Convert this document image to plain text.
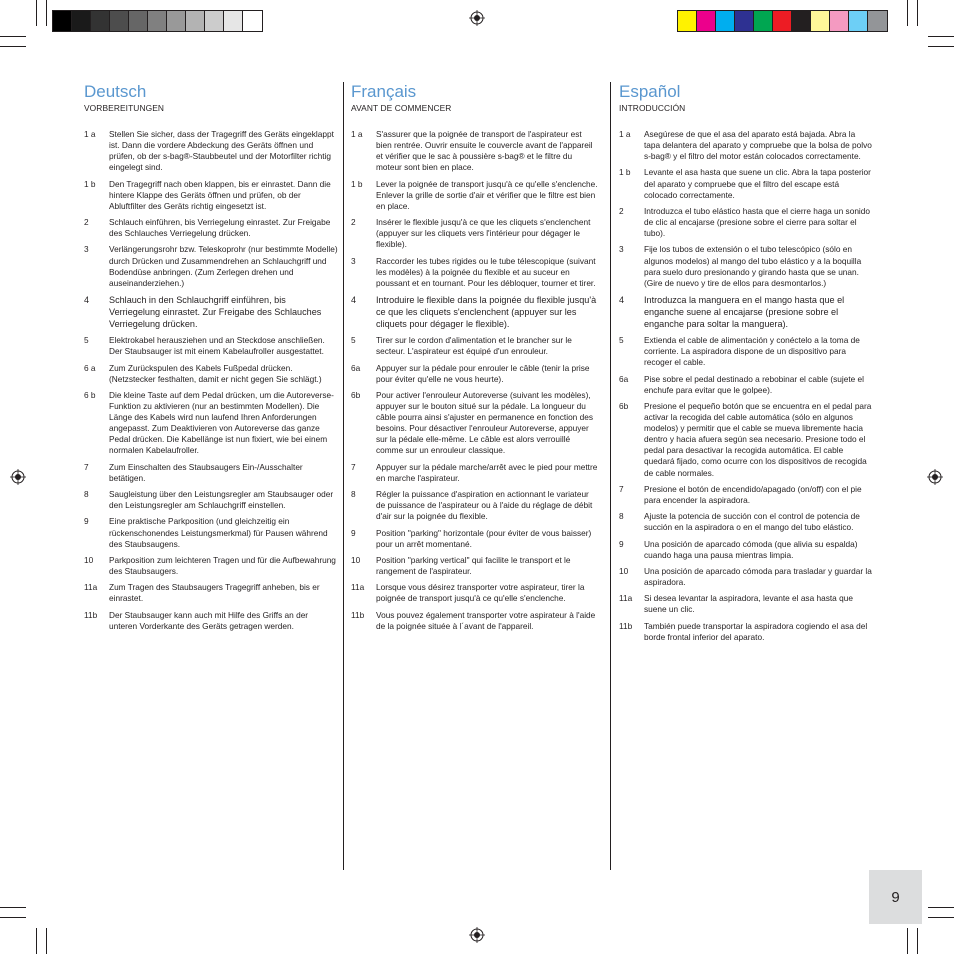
Deutsch
VORBEREITUNGEN
1 a	Stellen Sie sicher, dass der Tragegriff des Geräts eingeklappt ist. Dann die vordere Abdeckung des Geräts öffnen und prüfen, ob der s-bag®-Staubbeutel und der Motorfilter richtig eingelegt sind.
1 b	Den Tragegriff nach oben klappen, bis er einrastet. Dann die hintere Klappe des Geräts öffnen und prüfen, ob der Abluftfilter des Geräts richtig eingesetzt ist.
2	Schlauch einführen, bis Verriegelung einrastet. Zur Freigabe des Schlauches Verriegelung drücken.
3	Verlängerungsrohr bzw. Teleskoprohr (nur bestimmte Modelle) durch Drücken und Zusammendrehen an Schlauchgriff und Bodendüse anbringen. (Zum Zerlegen drehen und auseinanderziehen.)
4	Schlauch in den Schlauchgriff einführen, bis Verriegelung einrastet. Zur Freigabe des Schlauches Verriegelung drücken.
5	Elektrokabel herausziehen und an Steckdose anschließen. Der Staubsauger ist mit einem Kabelaufroller ausgestattet.
6 a	Zum Zurückspulen des Kabels Fußpedal drücken. (Netzstecker festhalten, damit er nicht gegen Sie schlägt.)
6 b	Die kleine Taste auf dem Pedal drücken, um die Autoreverse-Funktion zu aktivieren (nur an bestimmten Modellen). Die Länge des Kabels wird nun laufend Ihren Anforderungen angepasst. Zum Deaktivieren von Autoreverse das ganze Pedal drücken. Die Kabellänge ist nun fixiert, wie bei einem normalen Kabelaufroller.
7	Zum Einschalten des Staubsaugers Ein-/Ausschalter betätigen.
8	Saugleistung über den Leistungsregler am Staubsauger oder den Leistungsregler am Schlauchgriff einstellen.
9	Eine praktische Parkposition (und gleichzeitig ein rückenschonendes Leistungsmerkmal) für Pausen während des Staubsaugens.
10	Parkposition zum leichteren Tragen und für die Aufbewahrung des Staubsaugers.
11a	Zum Tragen des Staubsaugers Tragegriff anheben, bis er einrastet.
11b	Der Staubsauger kann auch mit Hilfe des Griffs an der unteren Vorderkante des Geräts getragen werden.
Français
AVANT DE COMMENCER
1 a	S'assurer que la poignée de transport de l'aspirateur est bien rentrée. Ouvrir ensuite le couvercle avant de l'appareil et vérifier que le sac à poussière s-bag® et le filtre du moteur sont bien en place.
1 b	Lever la poignée de transport jusqu'à ce qu'elle s'enclenche. Enlever la grille de sortie d'air et vérifier que le filtre est bien en place.
2	Insérer le flexible jusqu'à ce que les cliquets s'enclenchent (appuyer sur les cliquets vers l'intérieur pour dégager le flexible).
3	Raccorder les tubes rigides ou le tube télescopique (suivant les modèles) à la poignée du flexible et au suceur en poussant et en tournant. Pour les débloquer, tourner et tirer.
4	Introduire le flexible dans la poignée du flexible jusqu'à ce que les cliquets s'enclenchent (appuyer sur les cliquets pour dégager le flexible).
5	Tirer sur le cordon d'alimentation et le brancher sur le secteur. L'aspirateur est équipé d'un enrouleur.
6a	Appuyer sur la pédale pour enrouler le câble (tenir la prise pour éviter qu'elle ne vous heurte).
6b	Pour activer l'enrouleur Autoreverse (suivant les modèles), appuyer sur le bouton situé sur la pédale. La longueur du câble pourra ainsi s'ajuster en permanence en fonction des besoins. Pour désactiver l'enrouleur Autoreverse, appuyer sur la pédale elle-même. Le câble est alors verrouillé comme sur un enrouleur classique.
7	Appuyer sur la pédale marche/arrêt avec le pied pour mettre en marche l'aspirateur.
8	Régler la puissance d'aspiration en actionnant le variateur de puissance de l'aspirateur ou à l'aide du réglage de débit d'air sur la poignée du flexible.
9	Position "parking" horizontale (pour éviter de vous baisser) pour un arrêt momentané.
10	Position "parking vertical" qui facilite le transport et le rangement de l'aspirateur.
11a	Lorsque vous désirez transporter votre aspirateur, tirer la poignée de transport jusqu'à ce qu'elle s'enclenche.
11b	Vous pouvez également transporter votre aspirateur à l'aide de la poignée située à l´avant de l'appareil.
Español
INTRODUCCIÓN
1 a	Asegúrese de que el asa del aparato está bajada. Abra la tapa delantera del aparato y compruebe que la bolsa de polvo s-bag® y el filtro del motor están colocados correctamente.
1 b	Levante el asa hasta que suene un clic. Abra la tapa posterior del aparato y compruebe que el filtro del escape está colocado correctamente.
2	Introduzca el tubo elástico hasta que el cierre haga un sonido de clic al encajarse (presione sobre el cierre para soltar el tubo).
3	Fije los tubos de extensión o el tubo telescópico (sólo en algunos modelos) al mango del tubo elástico y a la boquilla para suelo duro presionando y girando hasta que se unan. (Gire de nuevo y tire de ellos para desmontarlos.)
4	Introduzca la manguera en el mango hasta que el enganche suene al encajarse (presione sobre el enganche para soltar la manguera).
5	Extienda el cable de alimentación y conéctelo a la toma de corriente. La aspiradora dispone de un dispositivo para recoger el cable.
6a	Pise sobre el pedal destinado a rebobinar el cable (sujete el enchufe para evitar que le golpee).
6b	Presione el pequeño botón que se encuentra en el pedal para activar la recogida del cable automática (sólo en algunos modelos) y permitir que el cable se mueva libremente hacia dentro y hacia afuera según sea necesario. Presione todo el pedal para desactivar la recogida automática. El cable quedará fijado, como ocurre con los dispositivos de recogida de cable normales.
7	Presione el botón de encendido/apagado (on/off) con el pie para encender la aspiradora.
8	Ajuste la potencia de succión con el control de potencia de succión en la aspiradora o en el mango del tubo elástico.
9	Una posición de aparcado cómoda (que alivia su espalda) cuando haga una pausa mientras limpia.
10	Una posición de aparcado cómoda para trasladar y guardar la aspiradora.
11a	Si desea levantar la aspiradora, levante el asa hasta que suene un clic.
11b	También puede transportar la aspiradora cogiendo el asa del borde frontal inferior del aparato.
9
